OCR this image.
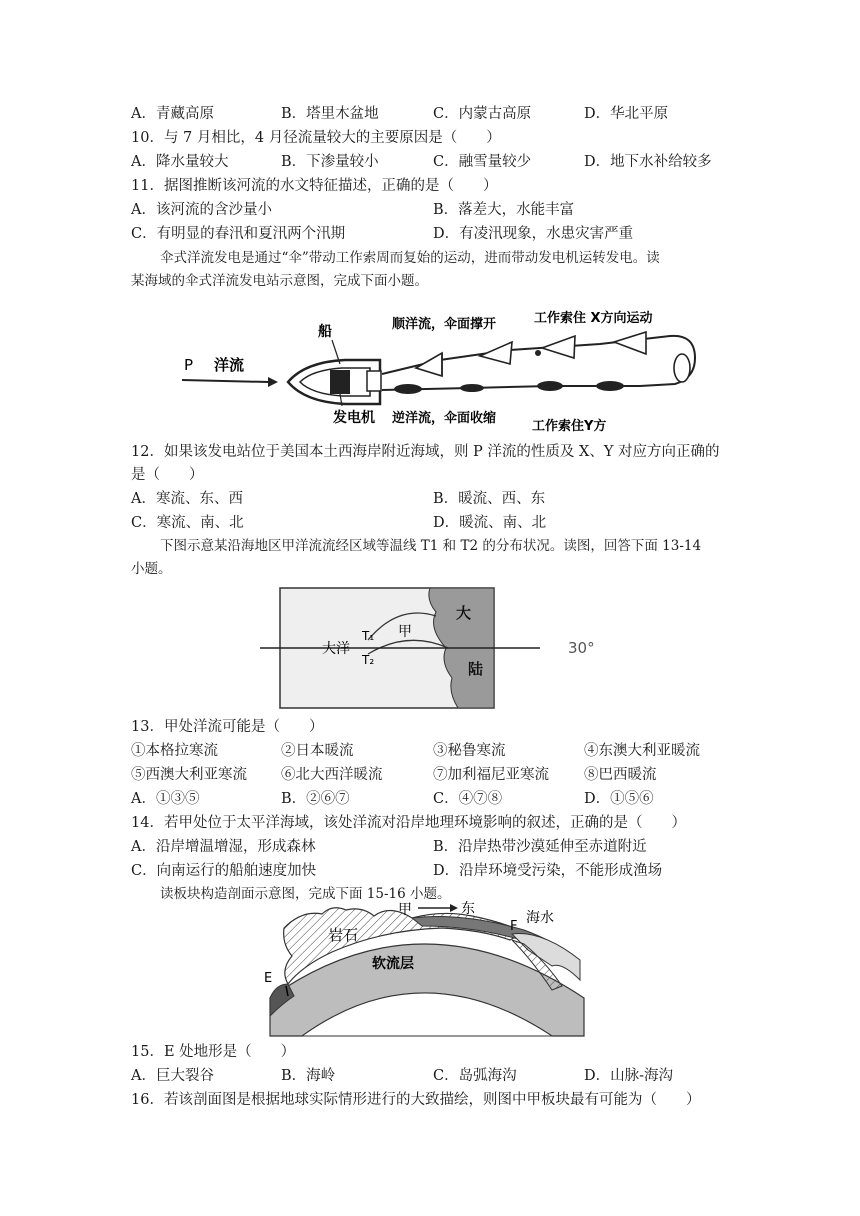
A．青藏高原	B．塔里木盆地	C．内蒙古高原	D．华北平原
10．与 7 月相比，4 月径流量较大的主要原因是（　　）
A．降水量较大	B．下渗量较小	C．融雪量较少	D．地下水补给较多
11．据图推断该河流的水文特征描述，正确的是（　　）
A．该河流的含沙量小	B．落差大，水能丰富
C．有明显的春汛和夏汛两个汛期	D．有凌汛现象，水患灾害严重
伞式洋流发电是通过“伞”带动工作索周而复始的运动，进而带动发电机运转发电。读
某海域的伞式洋流发电站示意图，完成下面小题。
P 洋流
船
发电机
顺洋流，伞面撑开	工作索住 X方向运动
逆洋流，伞面收缩
工作索住Y方
12．如果该发电站位于美国本土西海岸附近海域，则 P 洋流的性质及 X、Y 对应方向正确的
是（　　）
A．寒流、东、西	B．暖流、西、东
C．寒流、南、北	D．暖流、南、北
下图示意某沿海地区甲洋流流经区域等温线 T1 和 T2 的分布状况。读图，回答下面 13-14
小题。
大洋
甲
T₁
T₂
大
陆
30°
13．甲处洋流可能是（　　）
①本格拉寒流	②日本暖流	③秘鲁寒流	④东澳大利亚暖流
⑤西澳大利亚寒流 ⑥北大西洋暖流	⑦加利福尼亚寒流 ⑧巴西暖流
A．①③⑤	B．②⑥⑦	C．④⑦⑧	D．①⑤⑥
14．若甲处位于太平洋海域，该处洋流对沿岸地理环境影响的叙述，正确的是（　　）
A．沿岸增温增湿，形成森林	B．沿岸热带沙漠延伸至赤道附近
C．向南运行的船舶速度加快	D．沿岸环境受污染，不能形成渔场
读板块构造剖面示意图，完成下面 15-16 小题。
甲	东
岩石
海水
F
软流层
E
15．E 处地形是（　　）
A．巨大裂谷	B．海岭	C．岛弧海沟	D．山脉-海沟
16．若该剖面图是根据地球实际情形进行的大致描绘，则图中甲板块最有可能为（　　）
